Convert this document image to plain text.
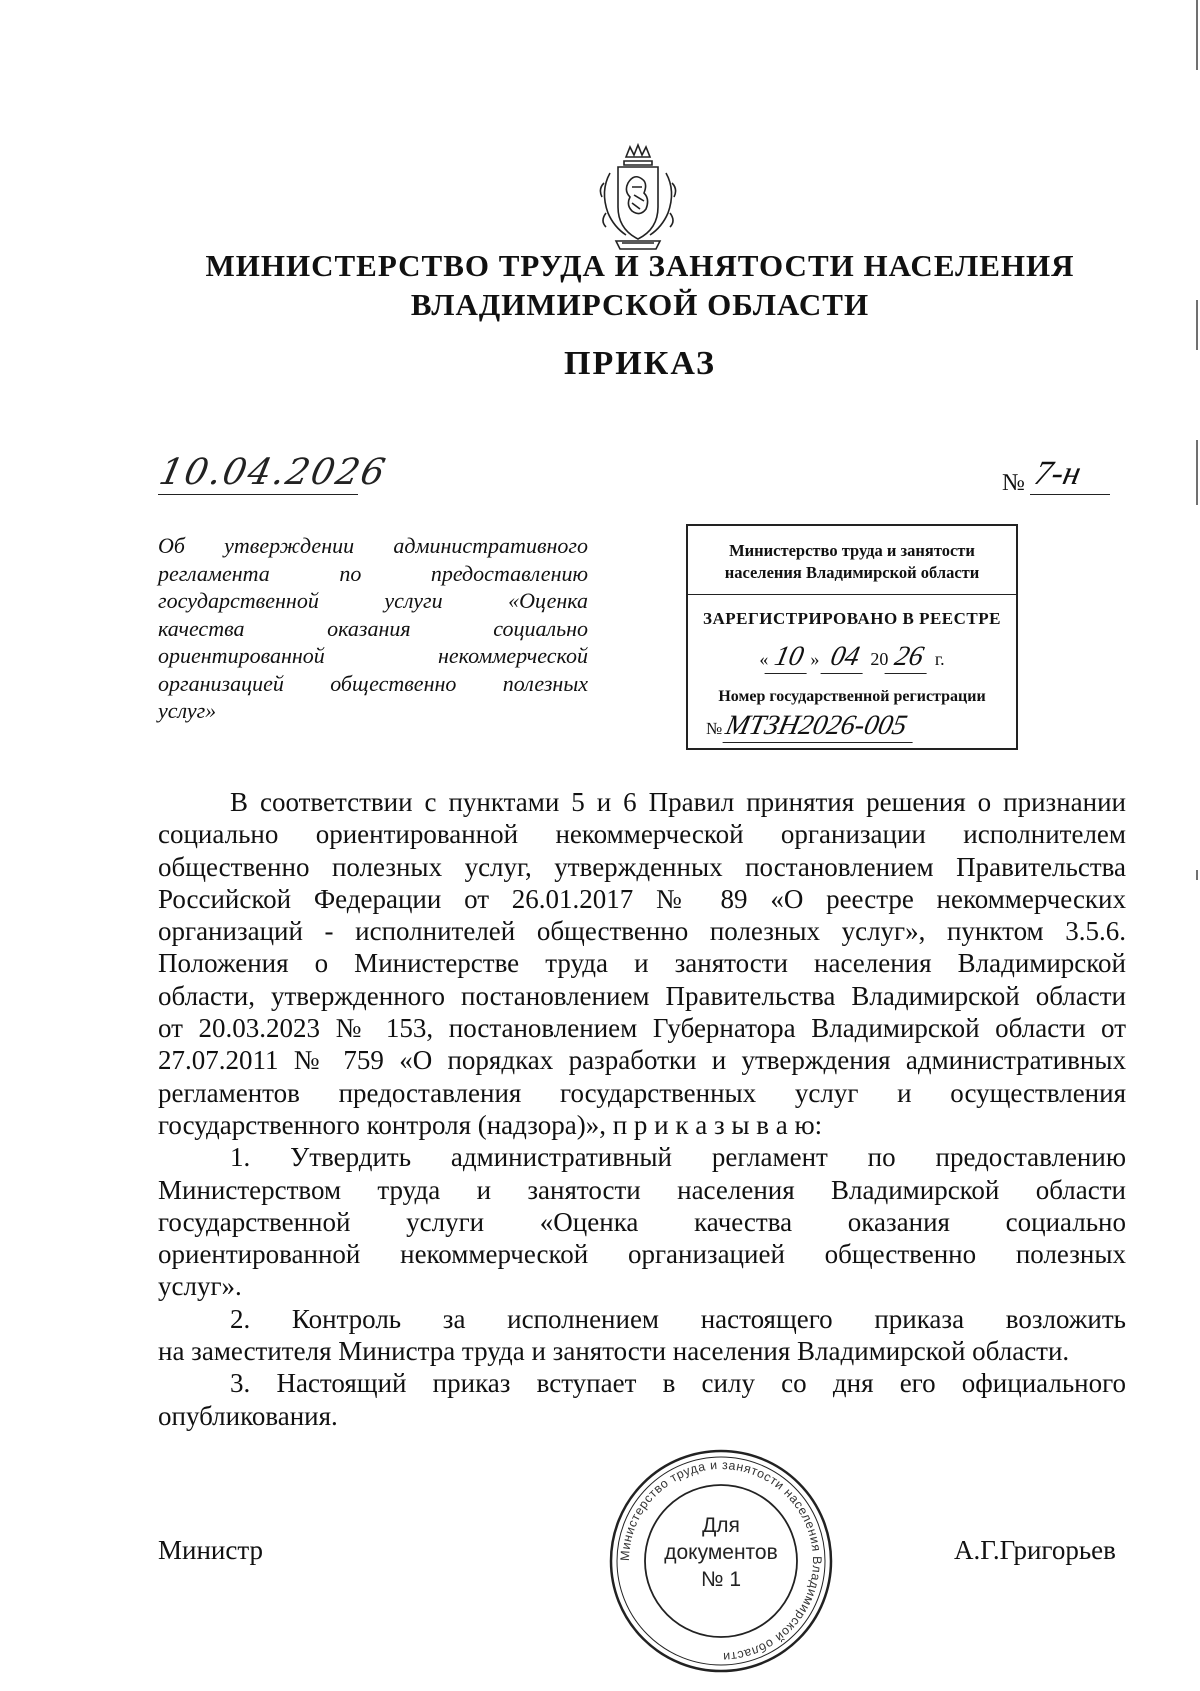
МИНИСТЕРСТВО ТРУДА И ЗАНЯТОСТИ НАСЕЛЕНИЯ
ВЛАДИМИРСКОЙ ОБЛАСТИ
ПРИКАЗ
10.04.2026	№ 7-н
Об утверждении административного
регламента по предоставлению
государственной услуги «Оценка
качества оказания социально
ориентированной некоммерческой
организацией общественно полезных
услуг»
Министерство труда и занятости
населения Владимирской области
ЗАРЕГИСТРИРОВАНО В РЕЕСТРЕ
« 10 » 04 20 26 г.
Номер государственной регистрации
№ МТЗН2026-005
В соответствии с пунктами 5 и 6 Правил принятия решения о признании
социально ориентированной некоммерческой организации исполнителем
общественно полезных услуг, утвержденных постановлением Правительства
Российской Федерации от 26.01.2017 № 89 «О реестре некоммерческих
организаций - исполнителей общественно полезных услуг», пунктом 3.5.6.
Положения о Министерстве труда и занятости населения Владимирской
области, утвержденного постановлением Правительства Владимирской области
от 20.03.2023 № 153, постановлением Губернатора Владимирской области от
27.07.2011 № 759 «О порядках разработки и утверждения административных
регламентов предоставления государственных услуг и осуществления
государственного контроля (надзора)», п р и к а з ы в а ю:
1. Утвердить административный регламент по предоставлению
Министерством труда и занятости населения Владимирской области
государственной услуги «Оценка качества оказания социально
ориентированной некоммерческой организацией общественно полезных
услуг».
2. Контроль за исполнением настоящего приказа возложить
на заместителя Министра труда и занятости населения Владимирской области.
3. Настоящий приказ вступает в силу со дня его официального
опубликования.
Министр	А.Г.Григорьев
Министерство труда и занятости населения Владимирской области
Для
документов
№ 1
